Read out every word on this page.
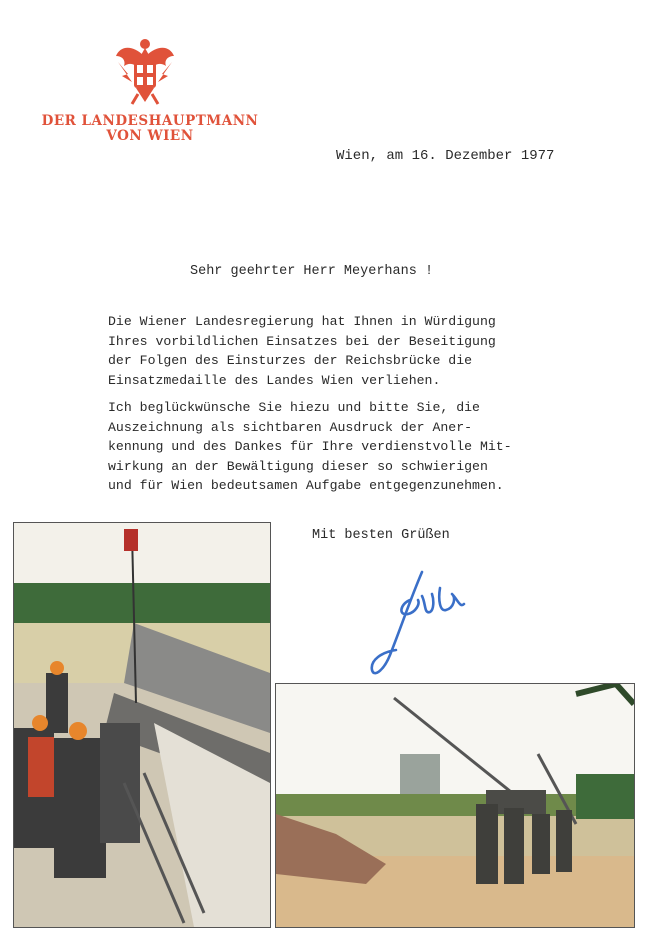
DER LANDESHAUPTMANN
VON WIEN
Wien, am 16. Dezember 1977
Sehr geehrter Herr Meyerhans !

Die Wiener Landesregierung hat Ihnen in Würdigung
Ihres vorbildlichen Einsatzes bei der Beseitigung
der Folgen des Einsturzes der Reichsbrücke die
Einsatzmedaille des Landes Wien verliehen.

Ich beglückwünsche Sie hiezu und bitte Sie, die
Auszeichnung als sichtbaren Ausdruck der Aner-
kennung und des Dankes für Ihre verdienstvolle Mit-
wirkung an der Bewältigung dieser so schwierigen
und für Wien bedeutsamen Aufgabe entgegenzunehmen.

Mit besten Grüßen
